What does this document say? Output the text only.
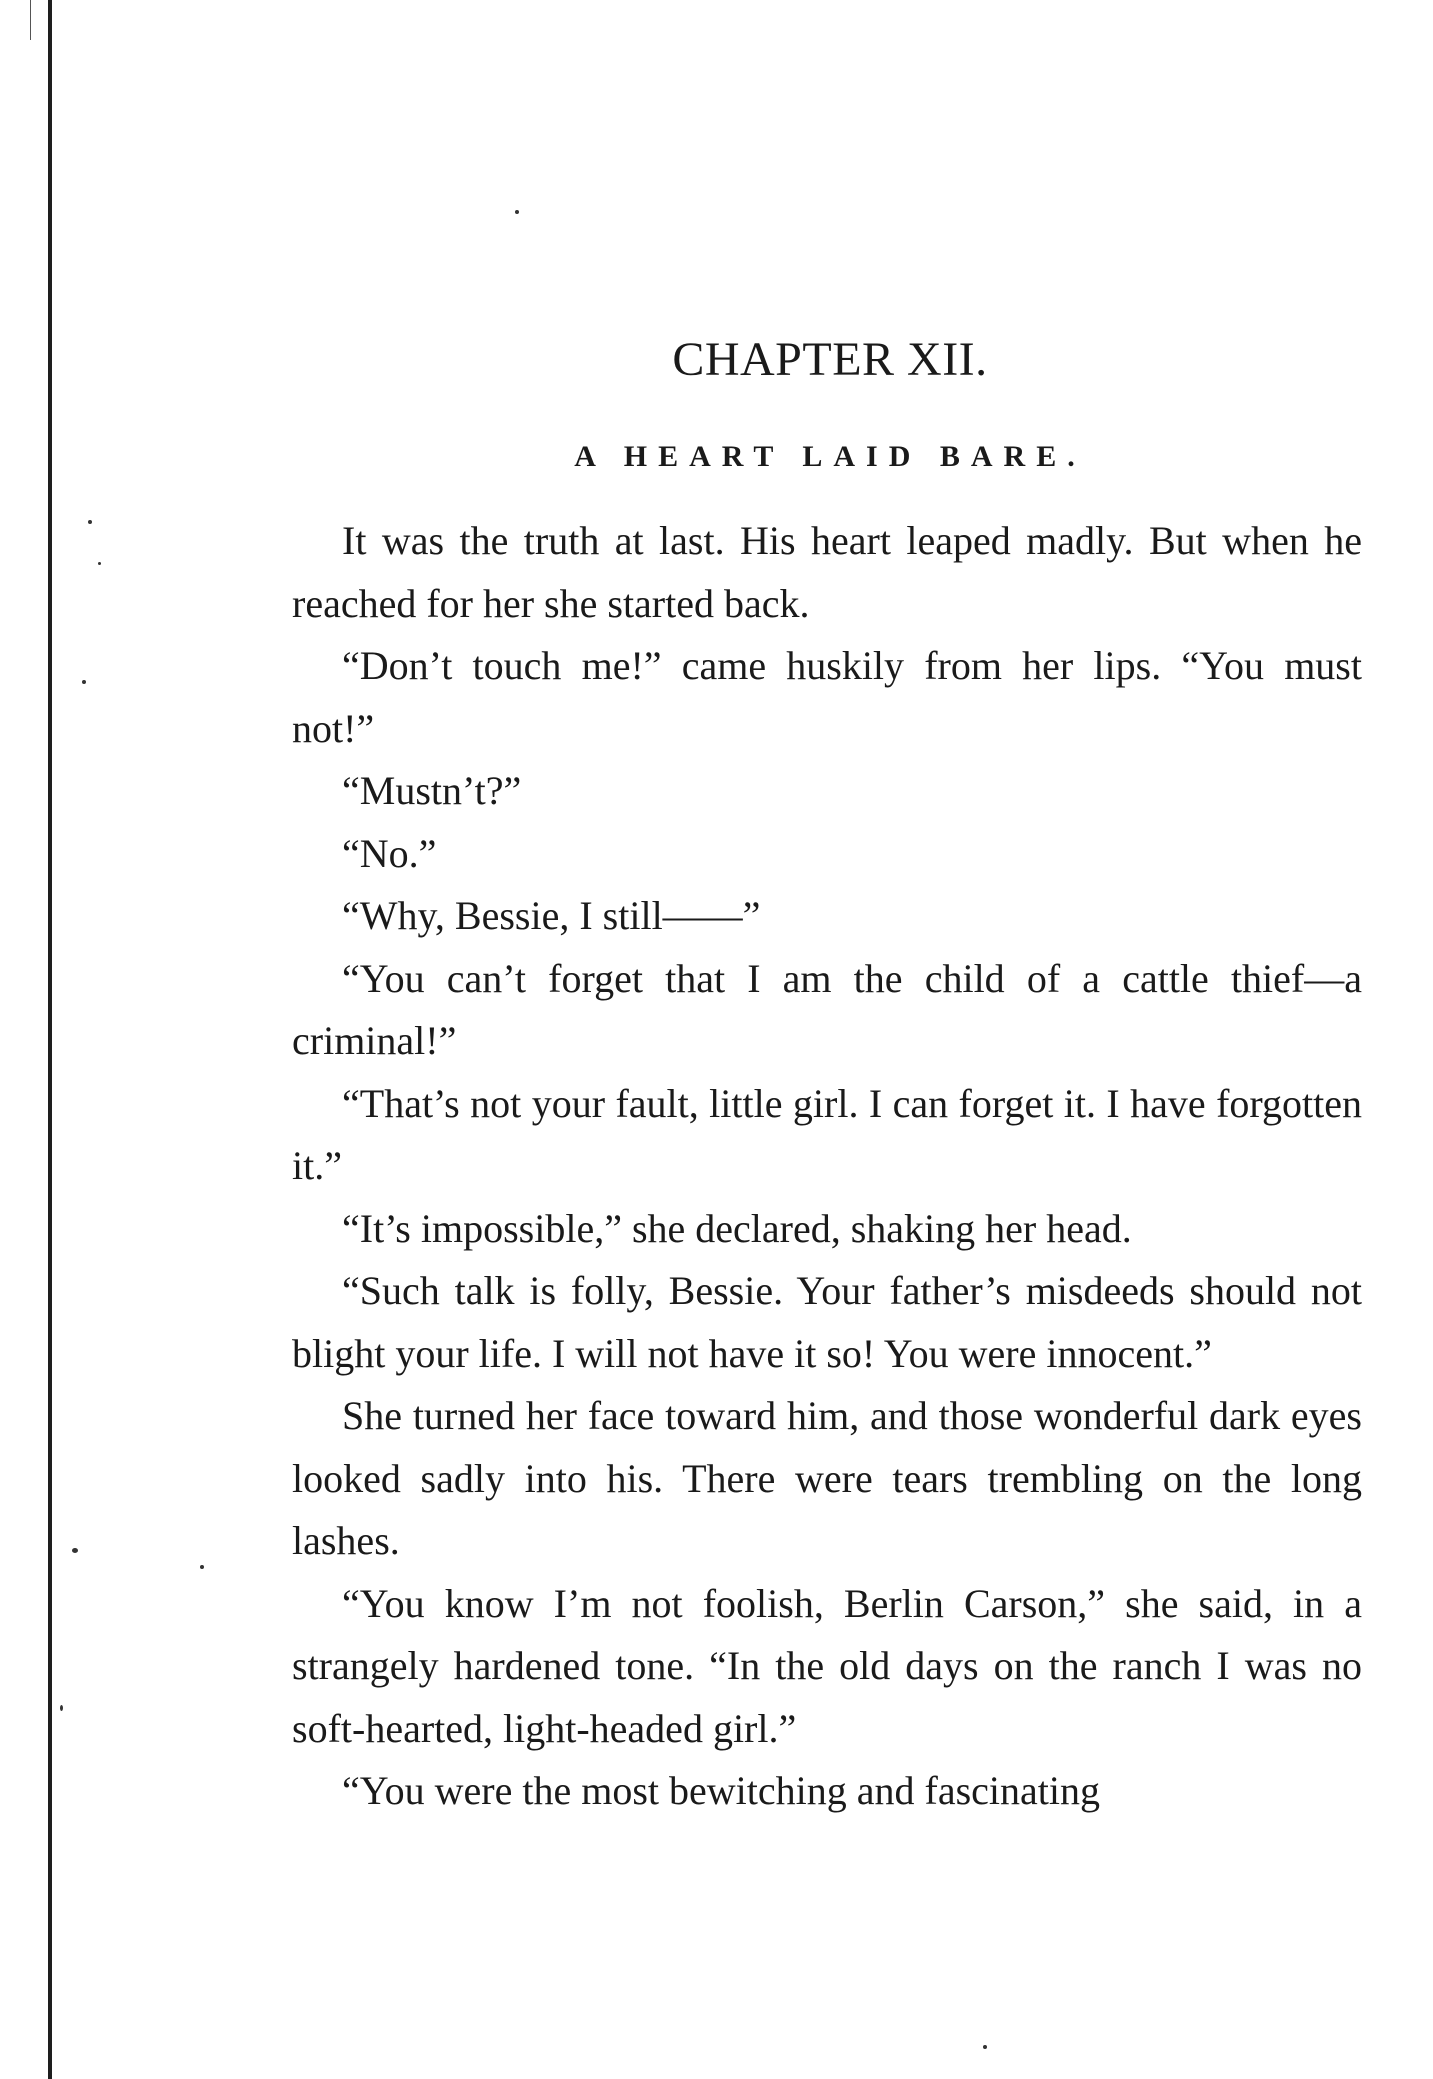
CHAPTER XII.
A HEART LAID BARE.

It was the truth at last. His heart leaped madly. But when he reached for her she started back.

“Don’t touch me!” came huskily from her lips. “You must not!”

“Mustn’t?”

“No.”

“Why, Bessie, I still——”

“You can’t forget that I am the child of a cattle thief—a criminal!”

“That’s not your fault, little girl. I can forget it. I have forgotten it.”

“It’s impossible,” she declared, shaking her head.

“Such talk is folly, Bessie. Your father’s misdeeds should not blight your life. I will not have it so! You were innocent.”

She turned her face toward him, and those wonderful dark eyes looked sadly into his. There were tears trembling on the long lashes.

“You know I’m not foolish, Berlin Carson,” she said, in a strangely hardened tone. “In the old days on the ranch I was no soft-hearted, light-headed girl.”

“You were the most bewitching and fascinating
